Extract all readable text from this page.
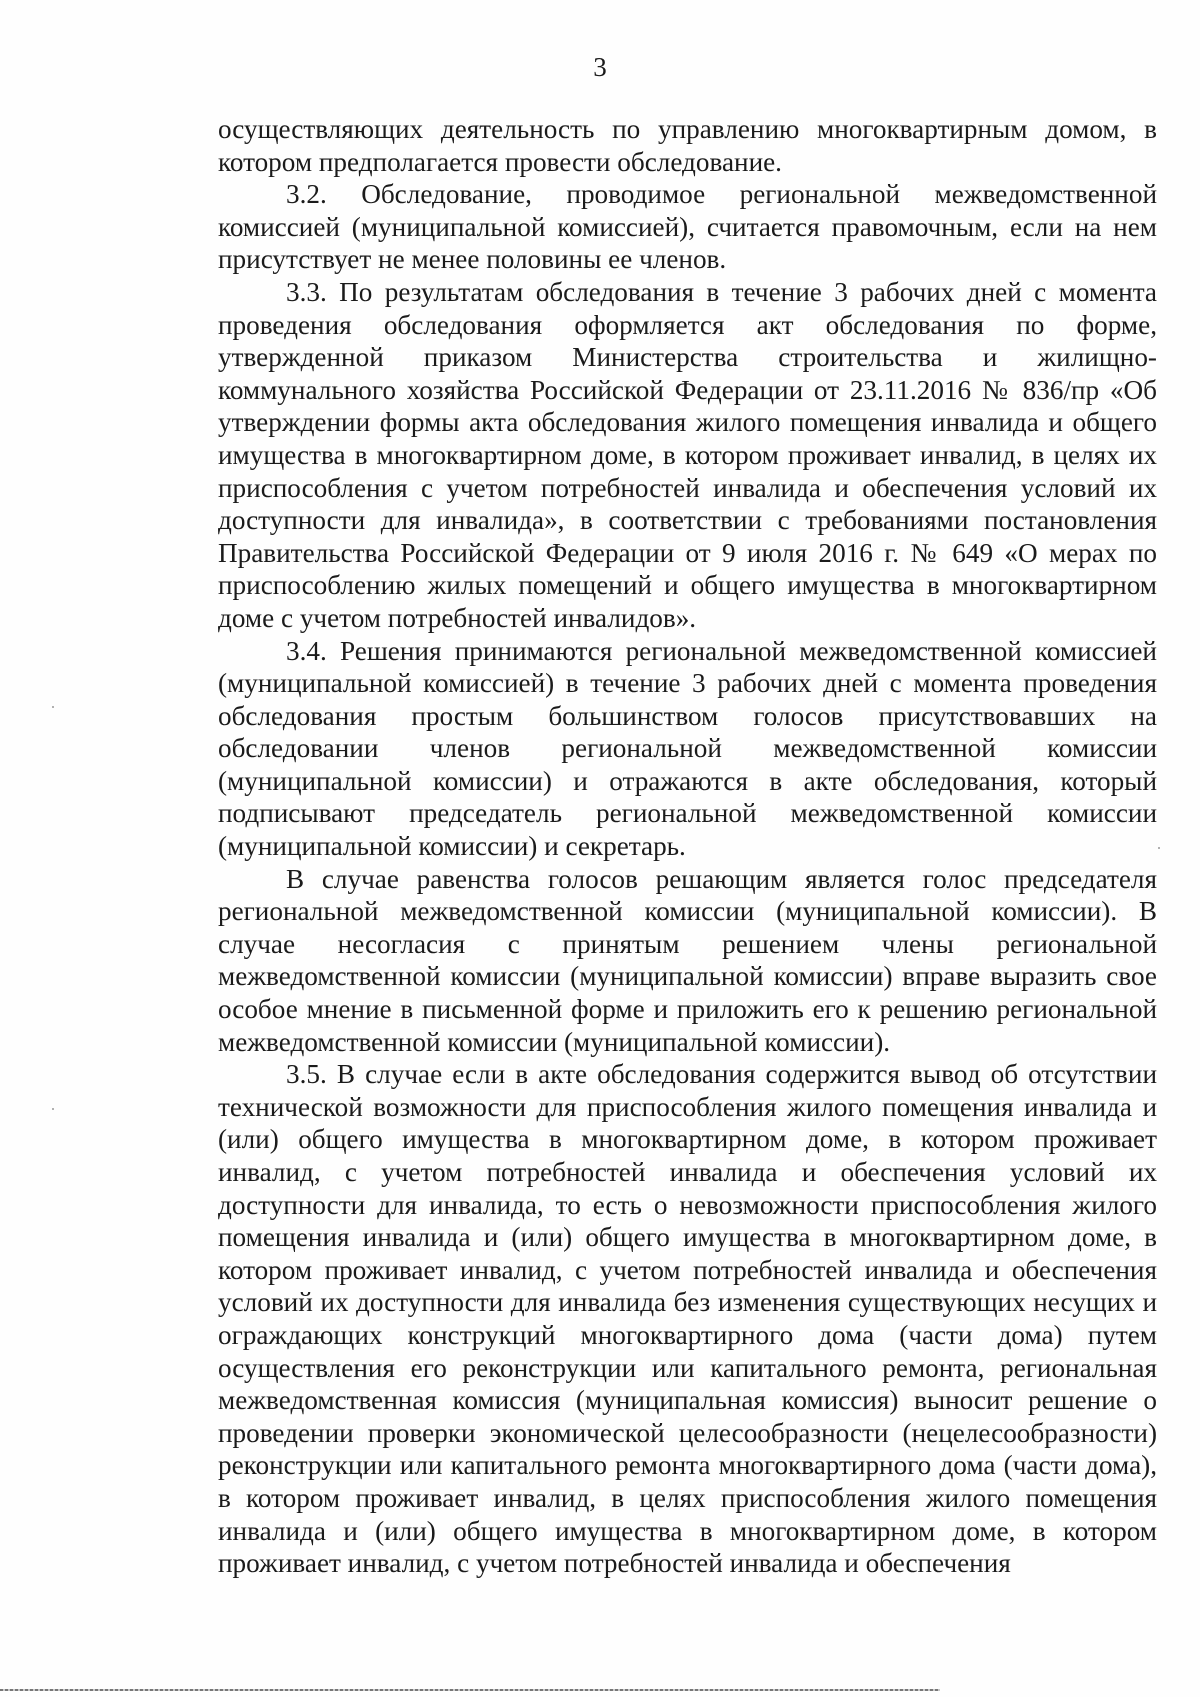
3

осуществляющих деятельность по управлению многоквартирным домом, в котором предполагается провести обследование.

3.2. Обследование, проводимое региональной межведомственной комиссией (муниципальной комиссией), считается правомочным, если на нем присутствует не менее половины ее членов.

3.3. По результатам обследования в течение 3 рабочих дней с момента проведения обследования оформляется акт обследования по форме, утвержденной приказом Министерства строительства и жилищно-коммунального хозяйства Российской Федерации от 23.11.2016 № 836/пр «Об утверждении формы акта обследования жилого помещения инвалида и общего имущества в многоквартирном доме, в котором проживает инвалид, в целях их приспособления с учетом потребностей инвалида и обеспечения условий их доступности для инвалида», в соответствии с требованиями постановления Правительства Российской Федерации от 9 июля 2016 г. № 649 «О мерах по приспособлению жилых помещений и общего имущества в многоквартирном доме с учетом потребностей инвалидов».

3.4. Решения принимаются региональной межведомственной комиссией (муниципальной комиссией) в течение 3 рабочих дней с момента проведения обследования простым большинством голосов присутствовавших на обследовании членов региональной межведомственной комиссии (муниципальной комиссии) и отражаются в акте обследования, который подписывают председатель региональной межведомственной комиссии (муниципальной комиссии) и секретарь.

В случае равенства голосов решающим является голос председателя региональной межведомственной комиссии (муниципальной комиссии). В случае несогласия с принятым решением члены региональной межведомственной комиссии (муниципальной комиссии) вправе выразить свое особое мнение в письменной форме и приложить его к решению региональной межведомственной комиссии (муниципальной комиссии).

3.5. В случае если в акте обследования содержится вывод об отсутствии технической возможности для приспособления жилого помещения инвалида и (или) общего имущества в многоквартирном доме, в котором проживает инвалид, с учетом потребностей инвалида и обеспечения условий их доступности для инвалида, то есть о невозможности приспособления жилого помещения инвалида и (или) общего имущества в многоквартирном доме, в котором проживает инвалид, с учетом потребностей инвалида и обеспечения условий их доступности для инвалида без изменения существующих несущих и ограждающих конструкций многоквартирного дома (части дома) путем осуществления его реконструкции или капитального ремонта, региональная межведомственная комиссия (муниципальная комиссия) выносит решение о проведении проверки экономической целесообразности (нецелесообразности) реконструкции или капитального ремонта многоквартирного дома (части дома), в котором проживает инвалид, в целях приспособления жилого помещения инвалида и (или) общего имущества в многоквартирном доме, в котором проживает инвалид, с учетом потребностей инвалида и обеспечения
